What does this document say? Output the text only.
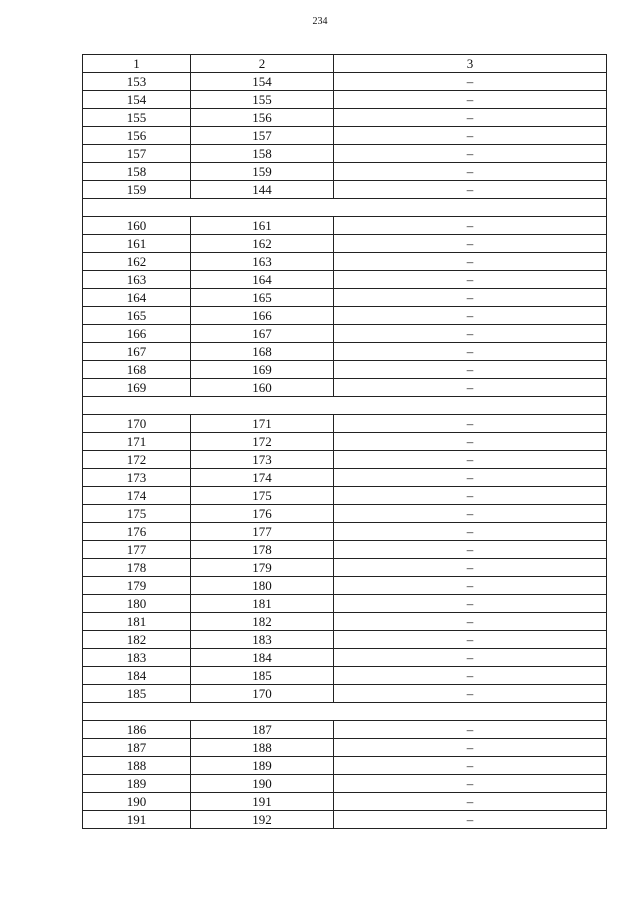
234
1	2	3
153	154	–
154	155	–
155	156	–
156	157	–
157	158	–
158	159	–
159	144	–

160	161	–
161	162	–
162	163	–
163	164	–
164	165	–
165	166	–
166	167	–
167	168	–
168	169	–
169	160	–

170	171	–
171	172	–
172	173	–
173	174	–
174	175	–
175	176	–
176	177	–
177	178	–
178	179	–
179	180	–
180	181	–
181	182	–
182	183	–
183	184	–
184	185	–
185	170	–

186	187	–
187	188	–
188	189	–
189	190	–
190	191	–
191	192	–
